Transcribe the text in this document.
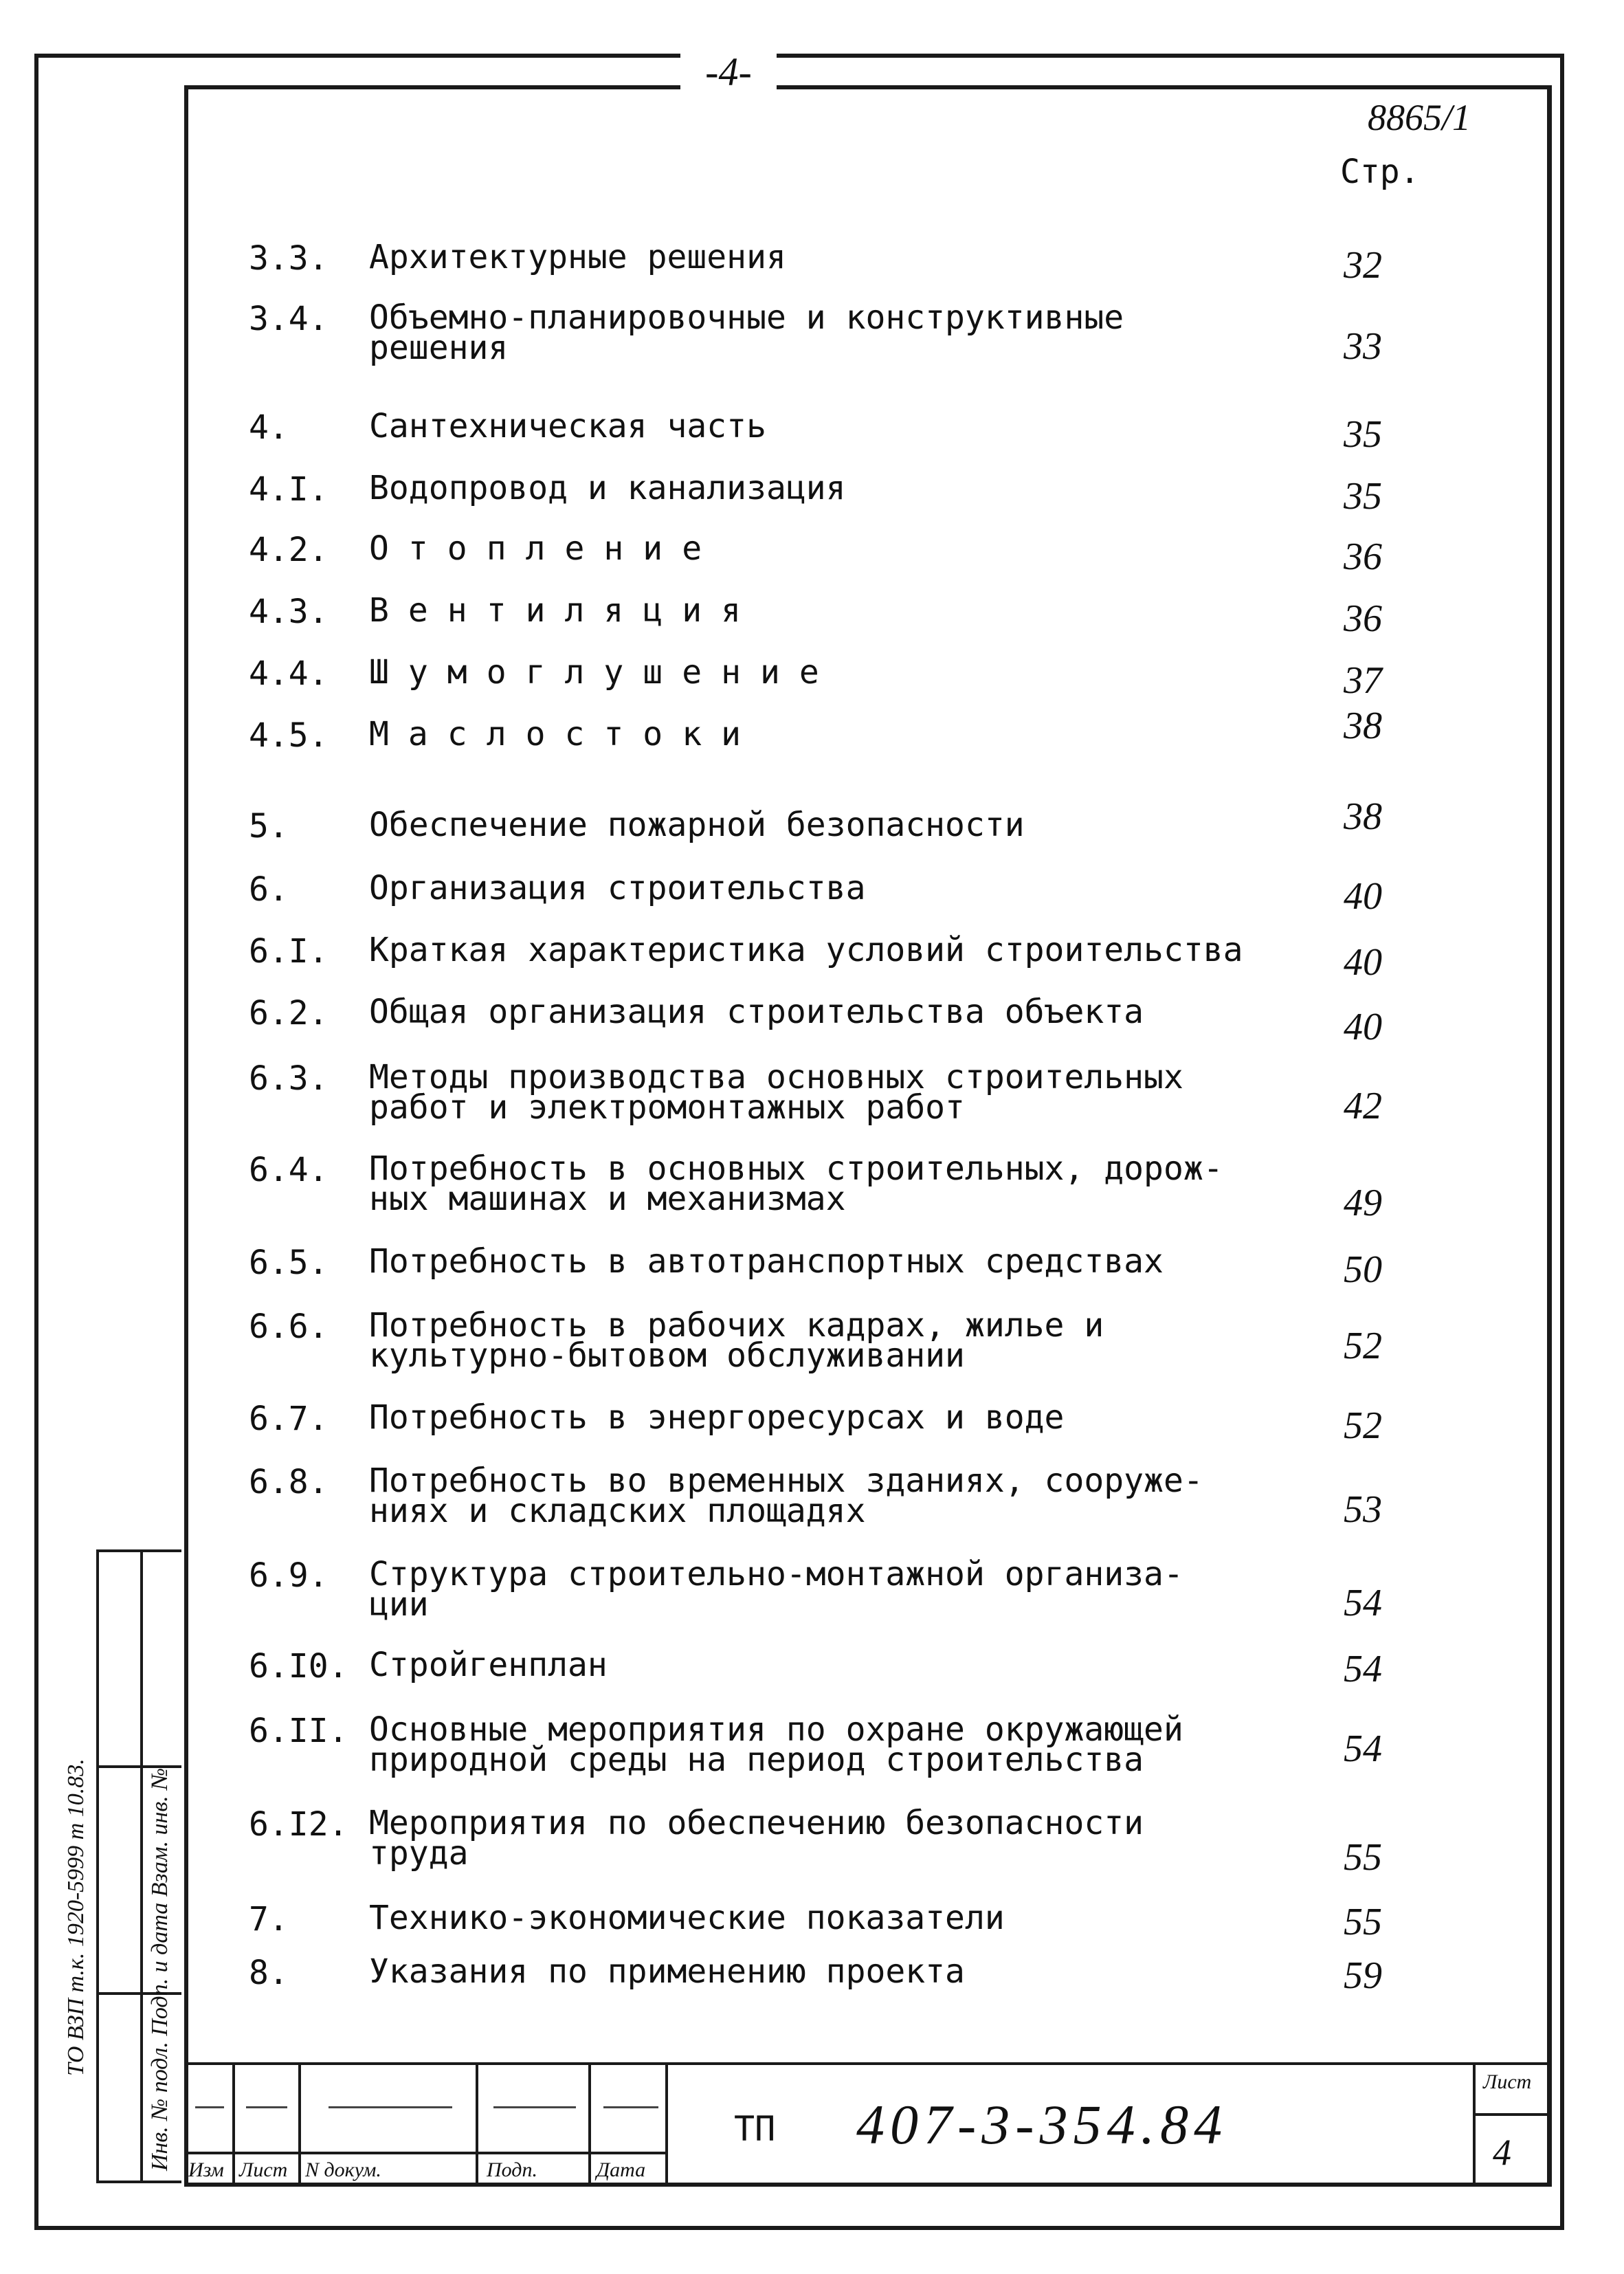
-4-
8865/1
Стр.
3.3. Архитектурные решения	32
3.4. Объемно-планировочные и конструктивные
решения	33
4. Сантехническая часть	35
4.I. Водопровод и канализация	35
4.2. Отопление	36
4.3. Вентиляция	36
4.4. Шумоглушение	37
4.5. Маслостоки	38
5. Обеспечение пожарной безопасности	38
6. Организация строительства	40
6.I. Краткая характеристика условий строительства	40
6.2. Общая организация строительства объекта	40
6.3. Методы производства основных строительных
работ и электромонтажных работ	42
6.4. Потребность в основных строительных, дорож-
ных машинах и механизмах	49
6.5. Потребность в автотранспортных средствах	50
6.6. Потребность в рабочих кадрах, жилье и
культурно-бытовом обслуживании	52
6.7. Потребность в энергоресурсах и воде	52
6.8. Потребность во временных зданиях, сооруже-
ниях и складских площадях	53
6.9. Структура строительно-монтажной организа-
ции	54
6.I0. Стройгенплан	54
6.II. Основные мероприятия по охране окружающей
природной среды на период строительства	54
6.I2. Мероприятия по обеспечению безопасности
труда	55
7. Технико-экономические показатели	55
8. Указания по применению проекта	59
Инв. № подл. Подп. и дата Взам. инв. №
ТО ВЗП т.к. 1920-5999 т 10.83.
Изм Лист N докум.	Подп.	Дата
ТП 407-3-354.84
Лист
4
